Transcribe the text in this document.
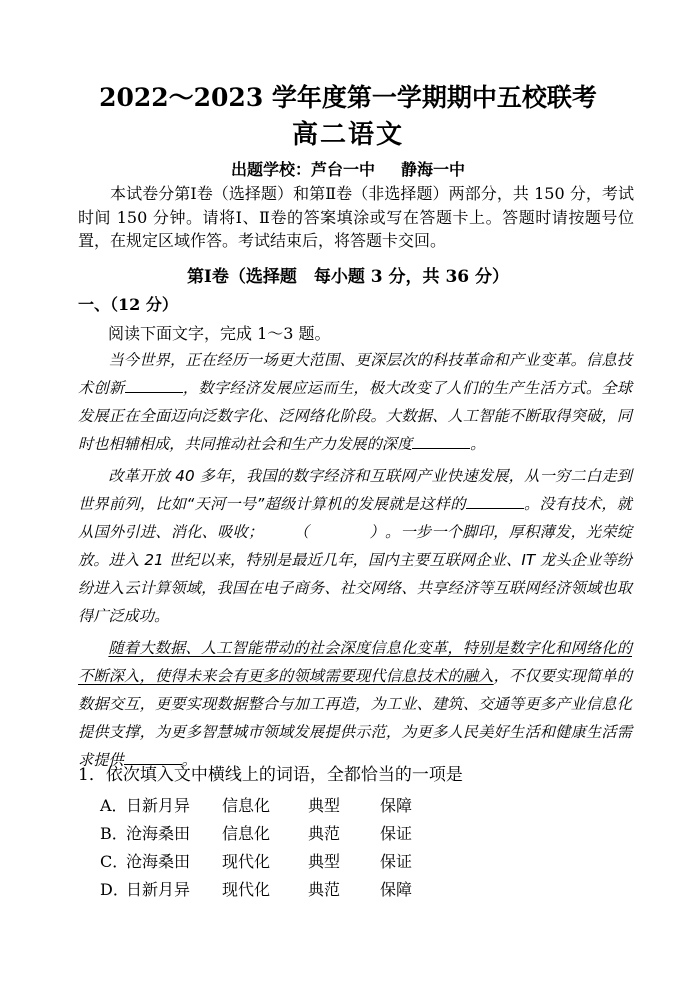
2022～2023 学年度第一学期期中五校联考
高二语文
出题学校：芦台一中 静海一中

本试卷分第Ⅰ卷（选择题）和第Ⅱ卷（非选择题）两部分，共 150 分，考试时间 150 分钟。请将Ⅰ、Ⅱ卷的答案填涂或写在答题卡上。答题时请按题号位置，在规定区域作答。考试结束后，将答题卡交回。

第Ⅰ卷（选择题　每小题 3 分，共 36 分）
一、（12 分）
阅读下面文字，完成 1～3 题。

当今世界，正在经历一场更大范围、更深层次的科技革命和产业变革。信息技术创新	，数字经济发展应运而生，极大改变了人们的生产生活方式。全球发展正在全面迈向泛数字化、泛网络化阶段。大数据、人工智能不断取得突破，同时也相辅相成，共同推动社会和生产力发展的深度	。

改革开放 40 多年，我国的数字经济和互联网产业快速发展，从一穷二白走到世界前列，比如“天河一号”超级计算机的发展就是这样的	。没有技术，就从国外引进、消化、吸收； （　　　　）。一步一个脚印，厚积薄发，光荣绽放。进入 21 世纪以来，特别是最近几年，国内主要互联网企业、IT 龙头企业等纷纷进入云计算领域，我国在电子商务、社交网络、共享经济等互联网经济领域也取得广泛成功。

随着大数据、人工智能带动的社会深度信息化变革，特别是数字化和网络化的不断深入，使得未来会有更多的领域需要现代信息技术的融入，不仅要实现简单的数据交互，更要实现数据整合与加工再造，为工业、建筑、交通等更多产业信息化提供支撑，为更多智慧城市领域发展提供示范，为更多人民美好生活和健康生活需求提供	。

1．依次填入文中横线上的词语，全都恰当的一项是
A．
日新月异	信息化	典型	保障
B．
沧海桑田	信息化	典范	保证
C．
沧海桑田	现代化	典型	保证
D．
日新月异	现代化	典范	保障
